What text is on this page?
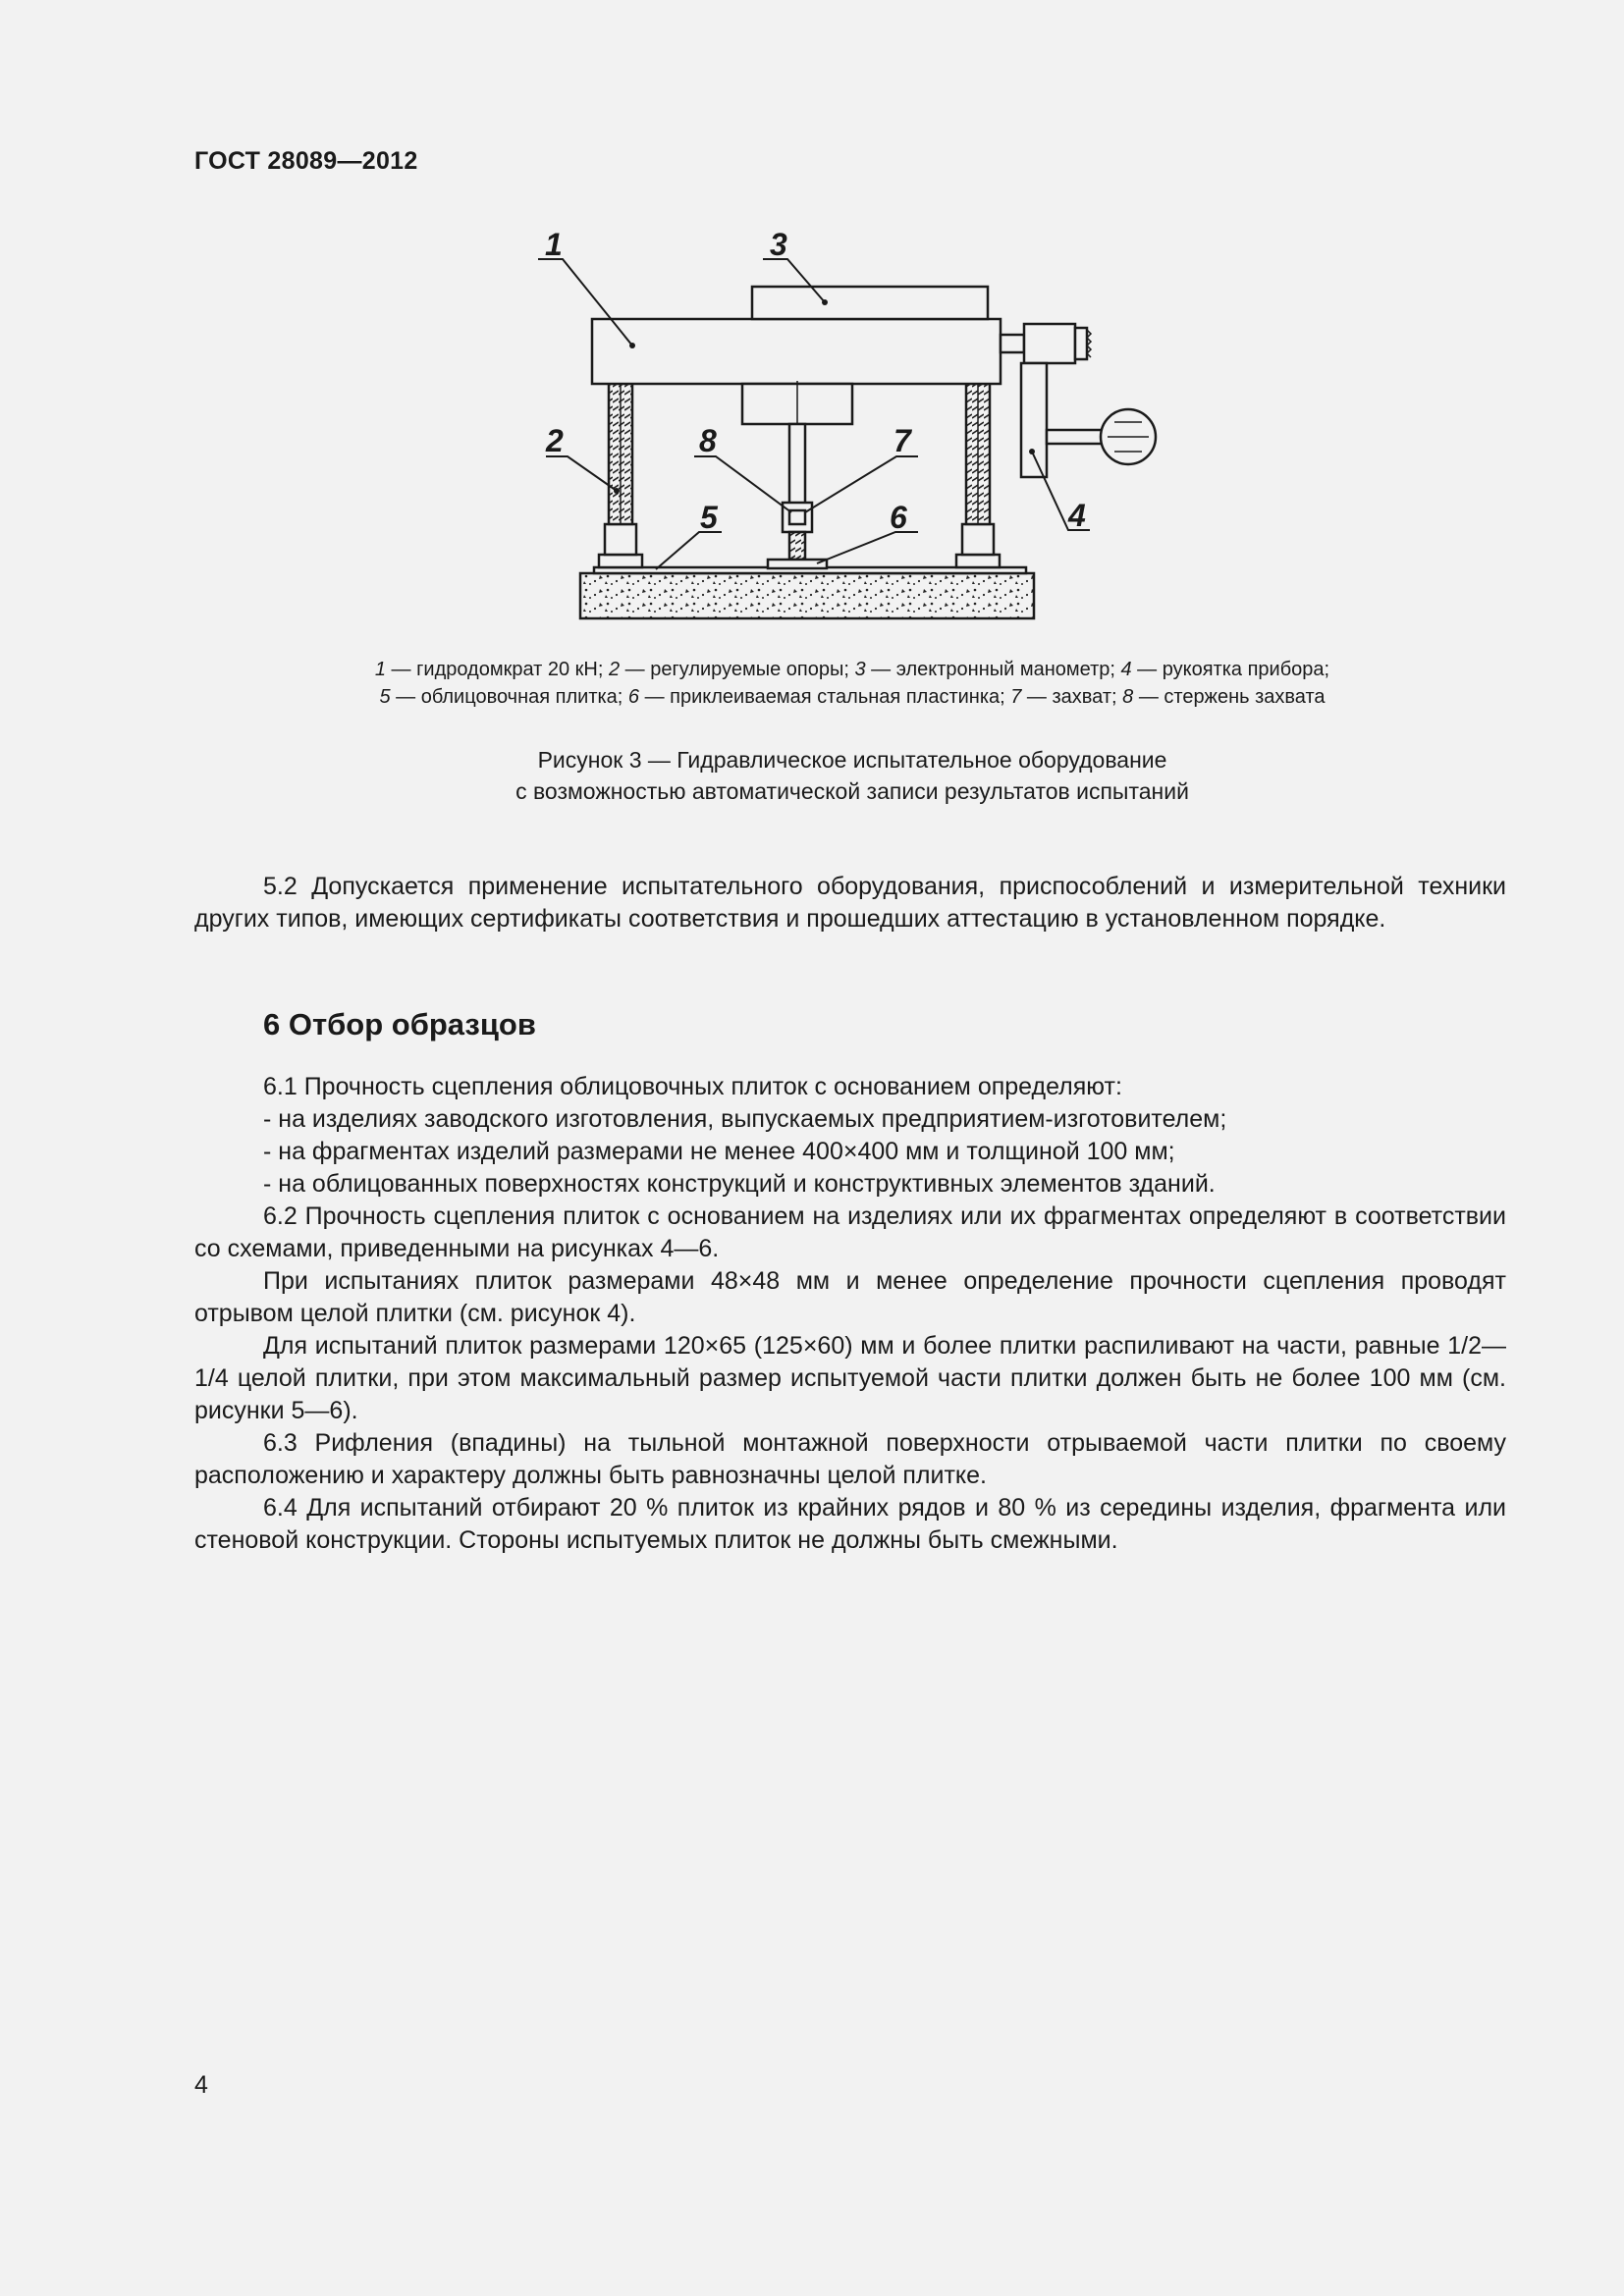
ГОСТ 28089—2012
1	3
2	8	7
5	6	4
1 — гидродомкрат 20 кН; 2 — регулируемые опоры; 3 — электронный манометр; 4 — рукоятка прибора;
5 — облицовочная плитка; 6 — приклеиваемая стальная пластинка; 7 — захват; 8 — стержень захвата
Рисунок 3 — Гидравлическое испытательное оборудование
с возможностью автоматической записи результатов испытаний

5.2 Допускается применение испытательного оборудования, приспособлений и измерительной техники других типов, имеющих сертификаты соответствия и прошедших аттестацию в установленном порядке.

6 Отбор образцов

6.1 Прочность сцепления облицовочных плиток с основанием определяют:

- на изделиях заводского изготовления, выпускаемых предприятием-изготовителем;

- на фрагментах изделий размерами не менее 400×400 мм и толщиной 100 мм;

- на облицованных поверхностях конструкций и конструктивных элементов зданий.

6.2 Прочность сцепления плиток с основанием на изделиях или их фрагментах определяют в соответствии со схемами, приведенными на рисунках 4—6.

При испытаниях плиток размерами 48×48 мм и менее определение прочности сцепления проводят отрывом целой плитки (см. рисунок 4).

Для испытаний плиток размерами 120×65 (125×60) мм и более плитки распиливают на части, равные 1/2—1/4 целой плитки, при этом максимальный размер испытуемой части плитки должен быть не более 100 мм (см. рисунки 5—6).

6.3 Рифления (впадины) на тыльной монтажной поверхности отрываемой части плитки по своему расположению и характеру должны быть равнозначны целой плитке.

6.4 Для испытаний отбирают 20 % плиток из крайних рядов и 80 % из середины изделия, фрагмента или стеновой конструкции. Стороны испытуемых плиток не должны быть смежными.

4
